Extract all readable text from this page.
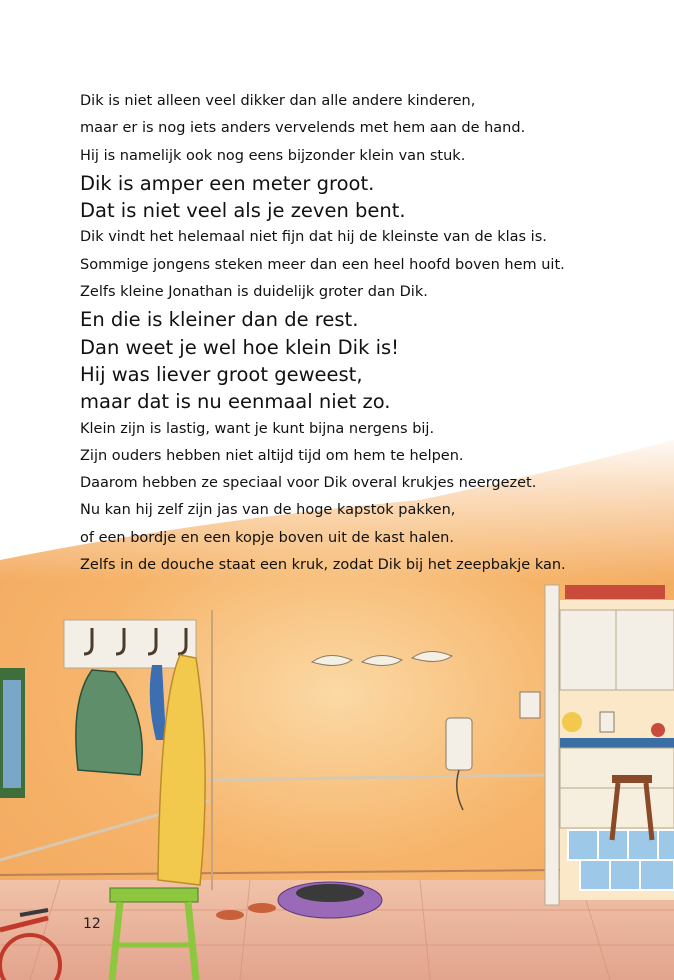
Dik is niet alleen veel dikker dan alle andere kinderen,
maar er is nog iets anders vervelends met hem aan de hand.
Hij is namelijk ook nog eens bijzonder klein van stuk.
Dik is amper een meter groot.
Dat is niet veel als je zeven bent.
Dik vindt het helemaal niet fijn dat hij de kleinste van de klas is.
Sommige jongens steken meer dan een heel hoofd boven hem uit.
Zelfs kleine Jonathan is duidelijk groter dan Dik.
En die is kleiner dan de rest.
Dan weet je wel hoe klein Dik is!
Hij was liever groot geweest,
maar dat is nu eenmaal niet zo.
Klein zijn is lastig, want je kunt bijna nergens bij.
Zijn ouders hebben niet altijd tijd om hem te helpen.
Daarom hebben ze speciaal voor Dik overal krukjes neergezet.
Nu kan hij zelf zijn jas van de hoge kapstok pakken,
of een bordje en een kopje boven uit de kast halen.
Zelfs in de douche staat een kruk, zodat Dik bij het zeepbakje kan.
12
